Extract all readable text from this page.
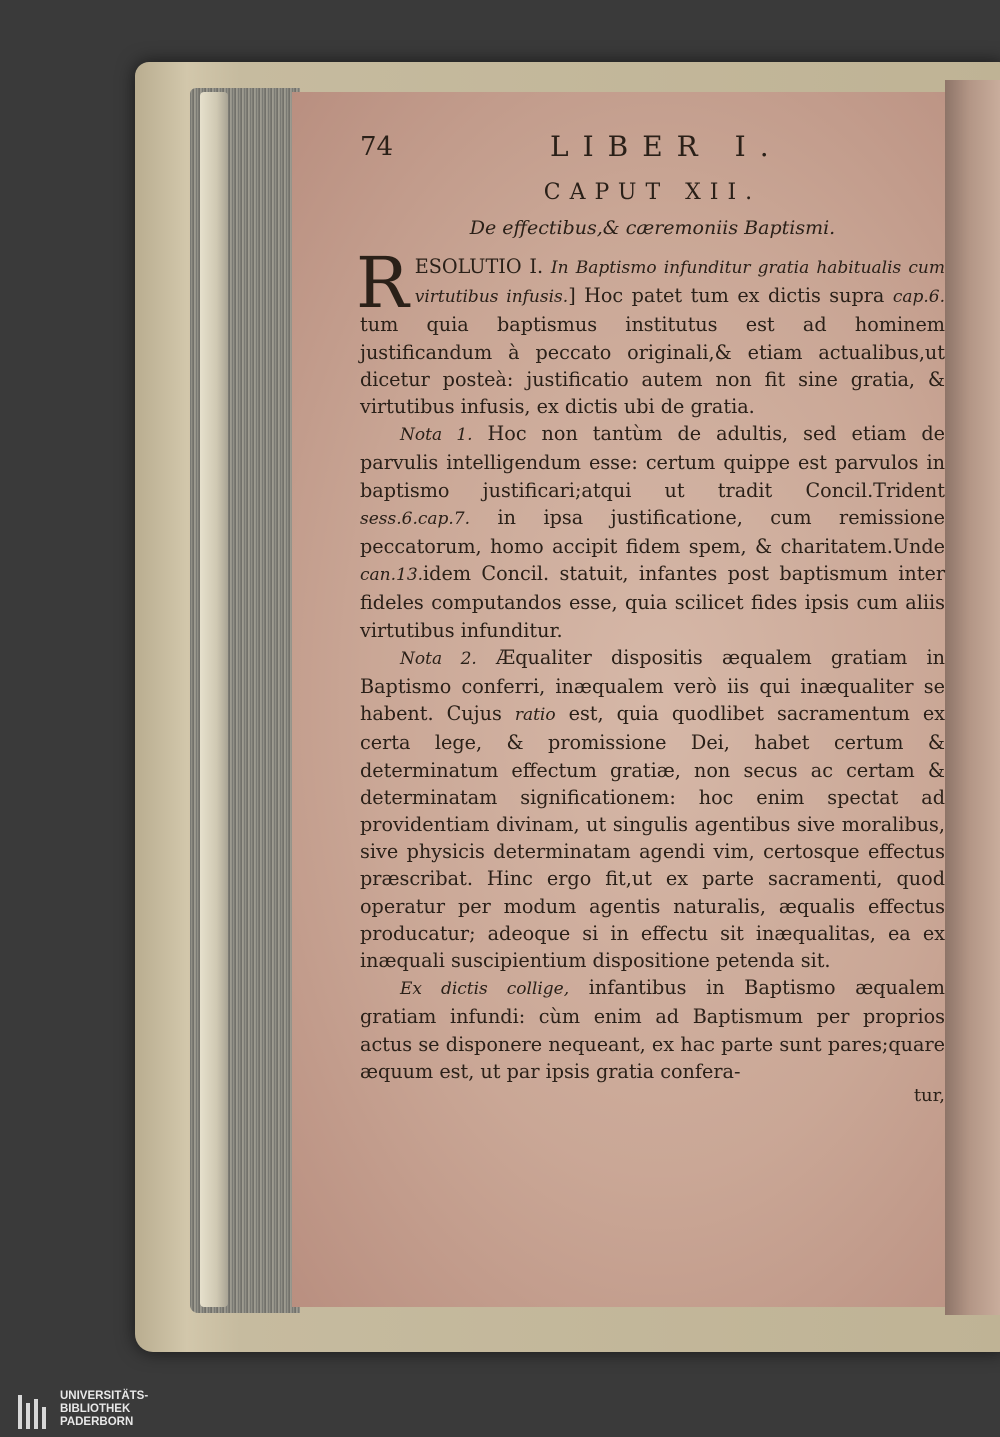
74	LIBER I.
CAPUT XII.
De effectibus,& cæremoniis Baptismi.

R ESOLUTIO I. In Baptismo infunditur gratia habitualis cum virtutibus infusis.] Hoc patet tum ex dictis supra cap.6. tum quia baptismus institutus est ad hominem justificandum à peccato originali,& etiam actualibus,ut dicetur posteà: justificatio autem non fit sine gratia, & virtutibus infusis, ex dictis ubi de gratia.

Nota 1. Hoc non tantùm de adultis, sed etiam de parvulis intelligendum esse: certum quippe est parvulos in baptismo justificari;atqui ut tradit Concil.Trident sess.6.cap.7. in ipsa justificatione, cum remissione peccatorum, homo accipit fidem spem, & charitatem.Unde can.13.idem Concil. statuit, infantes post baptismum inter fideles computandos esse, quia scilicet fides ipsis cum aliis virtutibus infunditur.

Nota 2. Æqualiter dispositis æqualem gratiam in Baptismo conferri, inæqualem verò iis qui inæqualiter se habent. Cujus ratio est, quia quodlibet sacramentum ex certa lege, & promissione Dei, habet certum & determinatum effectum gratiæ, non secus ac certam & determinatam significationem: hoc enim spectat ad providentiam divinam, ut singulis agentibus sive moralibus, sive physicis determinatam agendi vim, certosque effectus præscribat. Hinc ergo fit,ut ex parte sacramenti, quod operatur per modum agentis naturalis, æqualis effectus producatur; adeoque si in effectu sit inæqualitas, ea ex inæquali suscipientium dispositione petenda sit.

Ex dictis collige, infantibus in Baptismo æqualem gratiam infundi: cùm enim ad Baptismum per proprios actus se disponere nequeant, ex hac parte sunt pares;quare æquum est, ut par ipsis gratia confera-

tur,
UNIVERSITÄTS-
BIBLIOTHEK
PADERBORN
